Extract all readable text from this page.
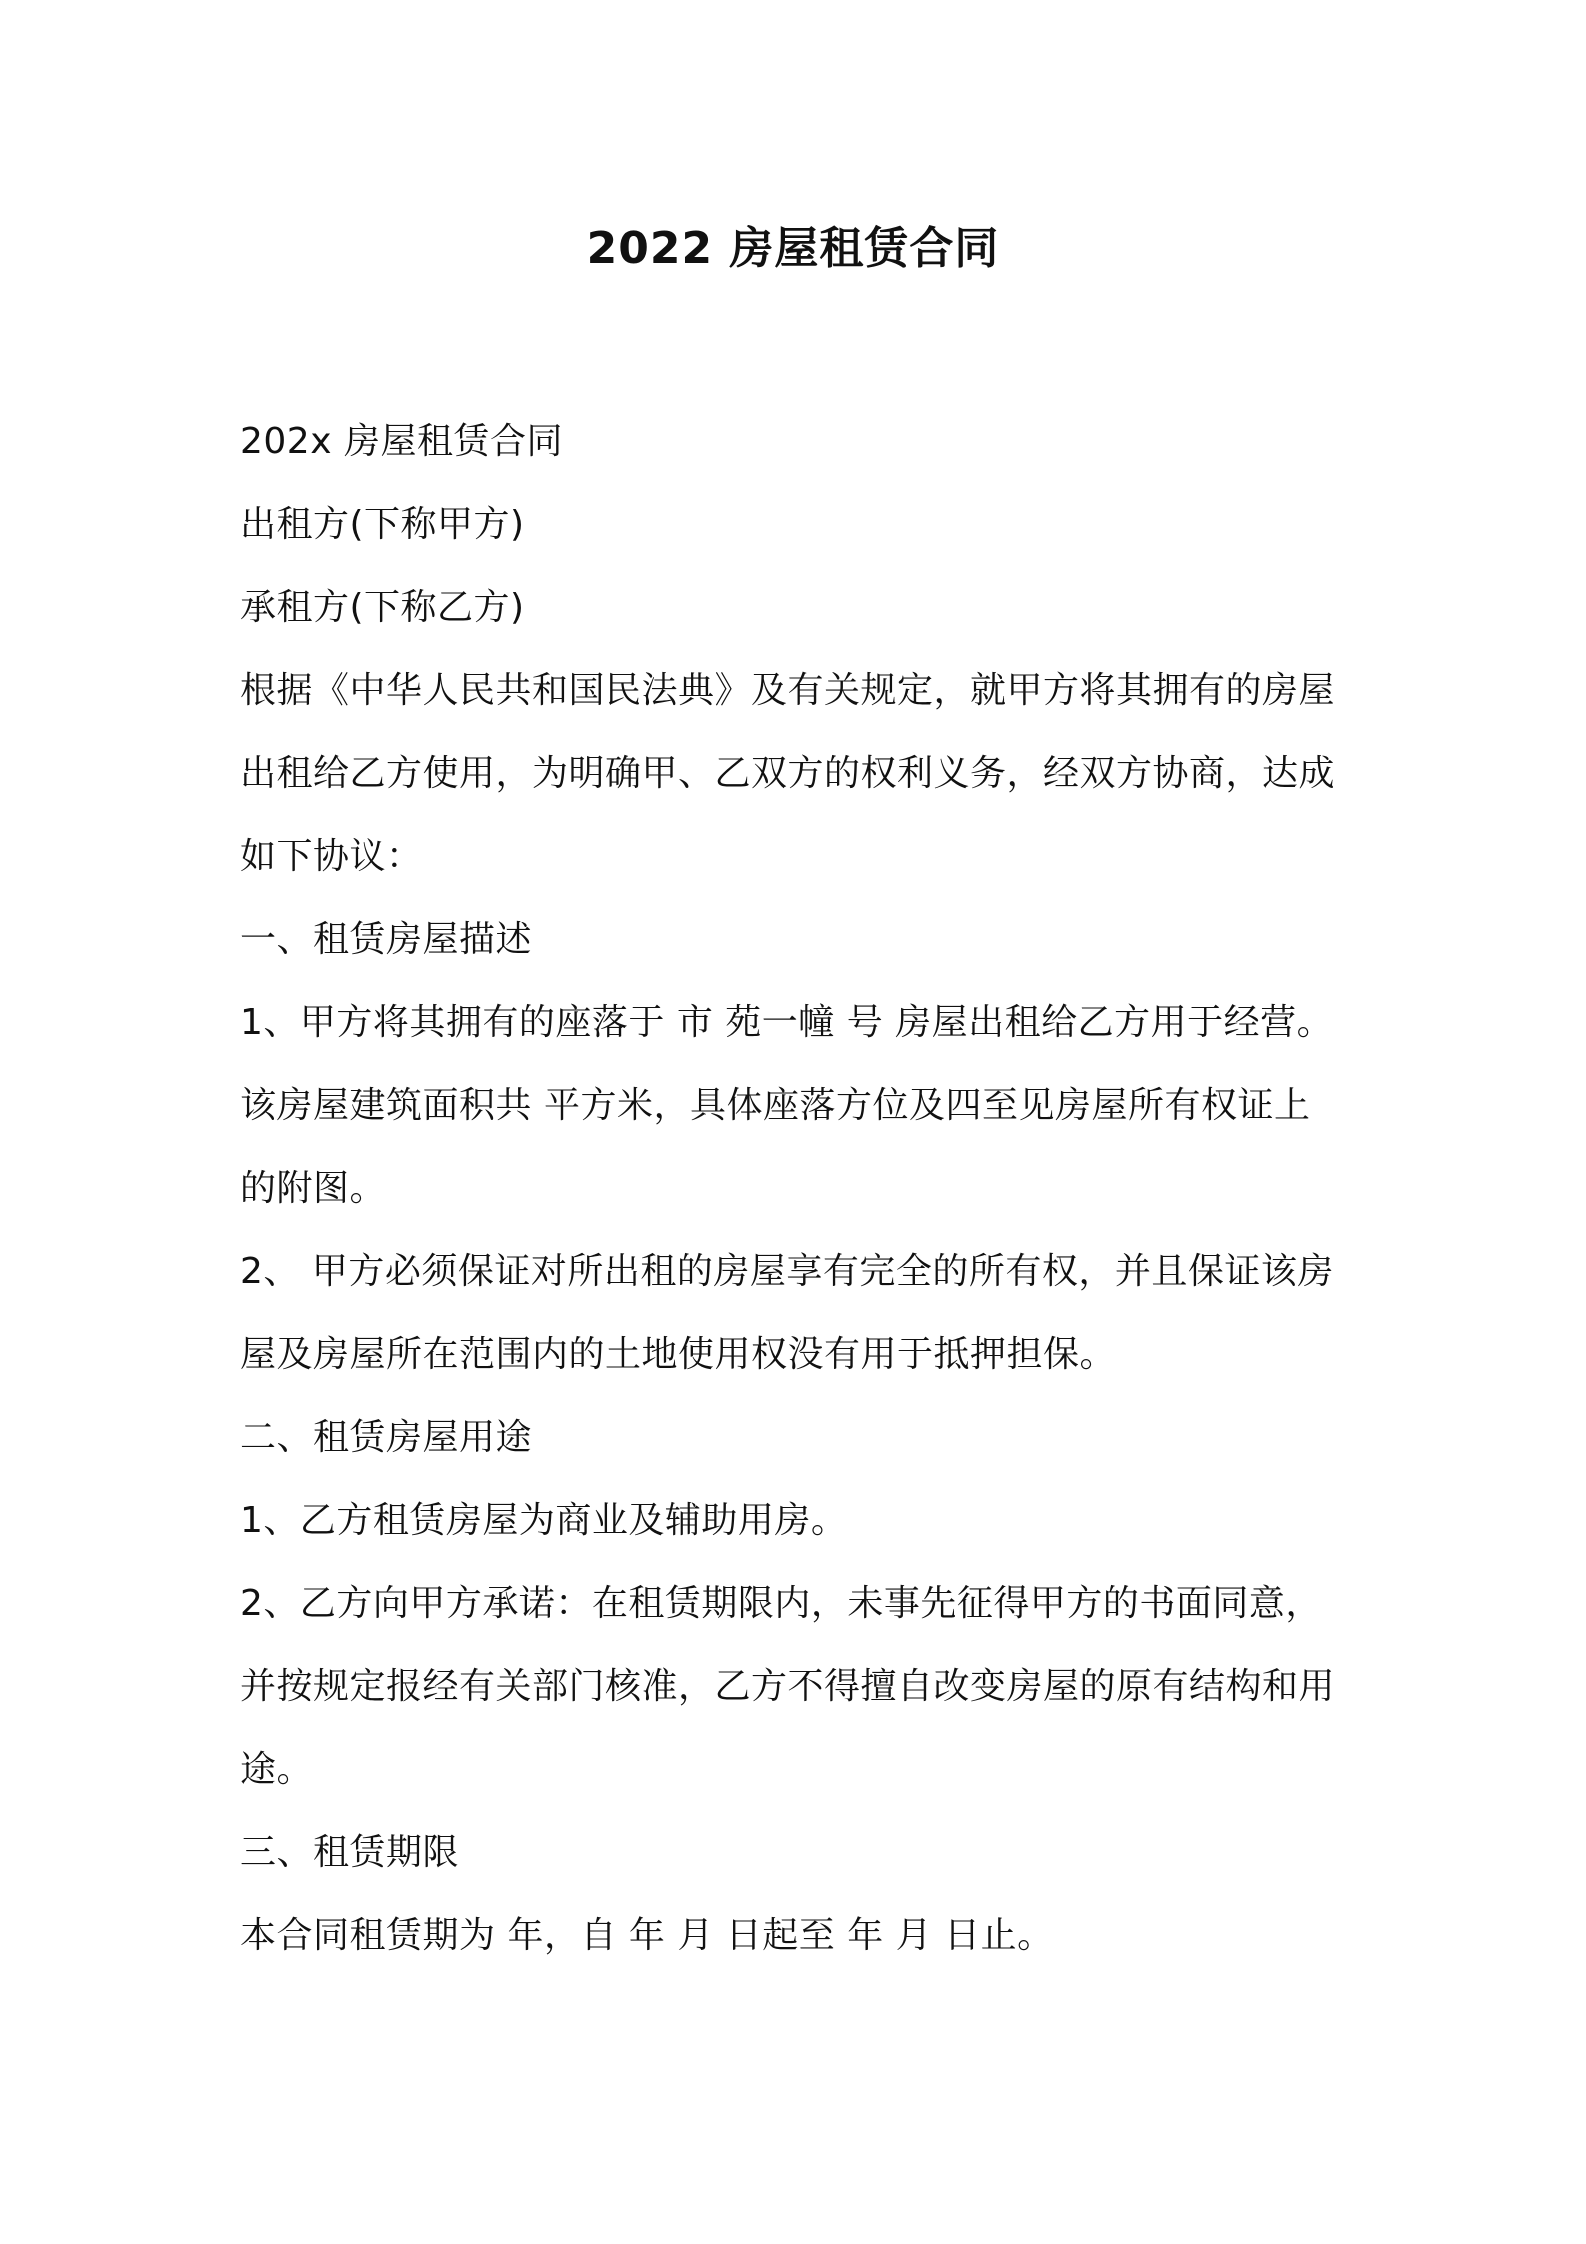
2022 房屋租赁合同
202x 房屋租赁合同
出租方(下称甲方)
承租方(下称乙方)
根据《中华人民共和国民法典》及有关规定，就甲方将其拥有的房屋
出租给乙方使用，为明确甲、乙双方的权利义务，经双方协商，达成
如下协议：
一、租赁房屋描述
1、甲方将其拥有的座落于 市 苑一幢 号 房屋出租给乙方用于经营。
该房屋建筑面积共 平方米，具体座落方位及四至见房屋所有权证上
的附图。
2、 甲方必须保证对所出租的房屋享有完全的所有权，并且保证该房
屋及房屋所在范围内的土地使用权没有用于抵押担保。
二、租赁房屋用途
1、乙方租赁房屋为商业及辅助用房。
2、乙方向甲方承诺：在租赁期限内，未事先征得甲方的书面同意，
并按规定报经有关部门核准，乙方不得擅自改变房屋的原有结构和用
途。
三、租赁期限
本合同租赁期为 年，自 年 月 日起至 年 月 日止。
